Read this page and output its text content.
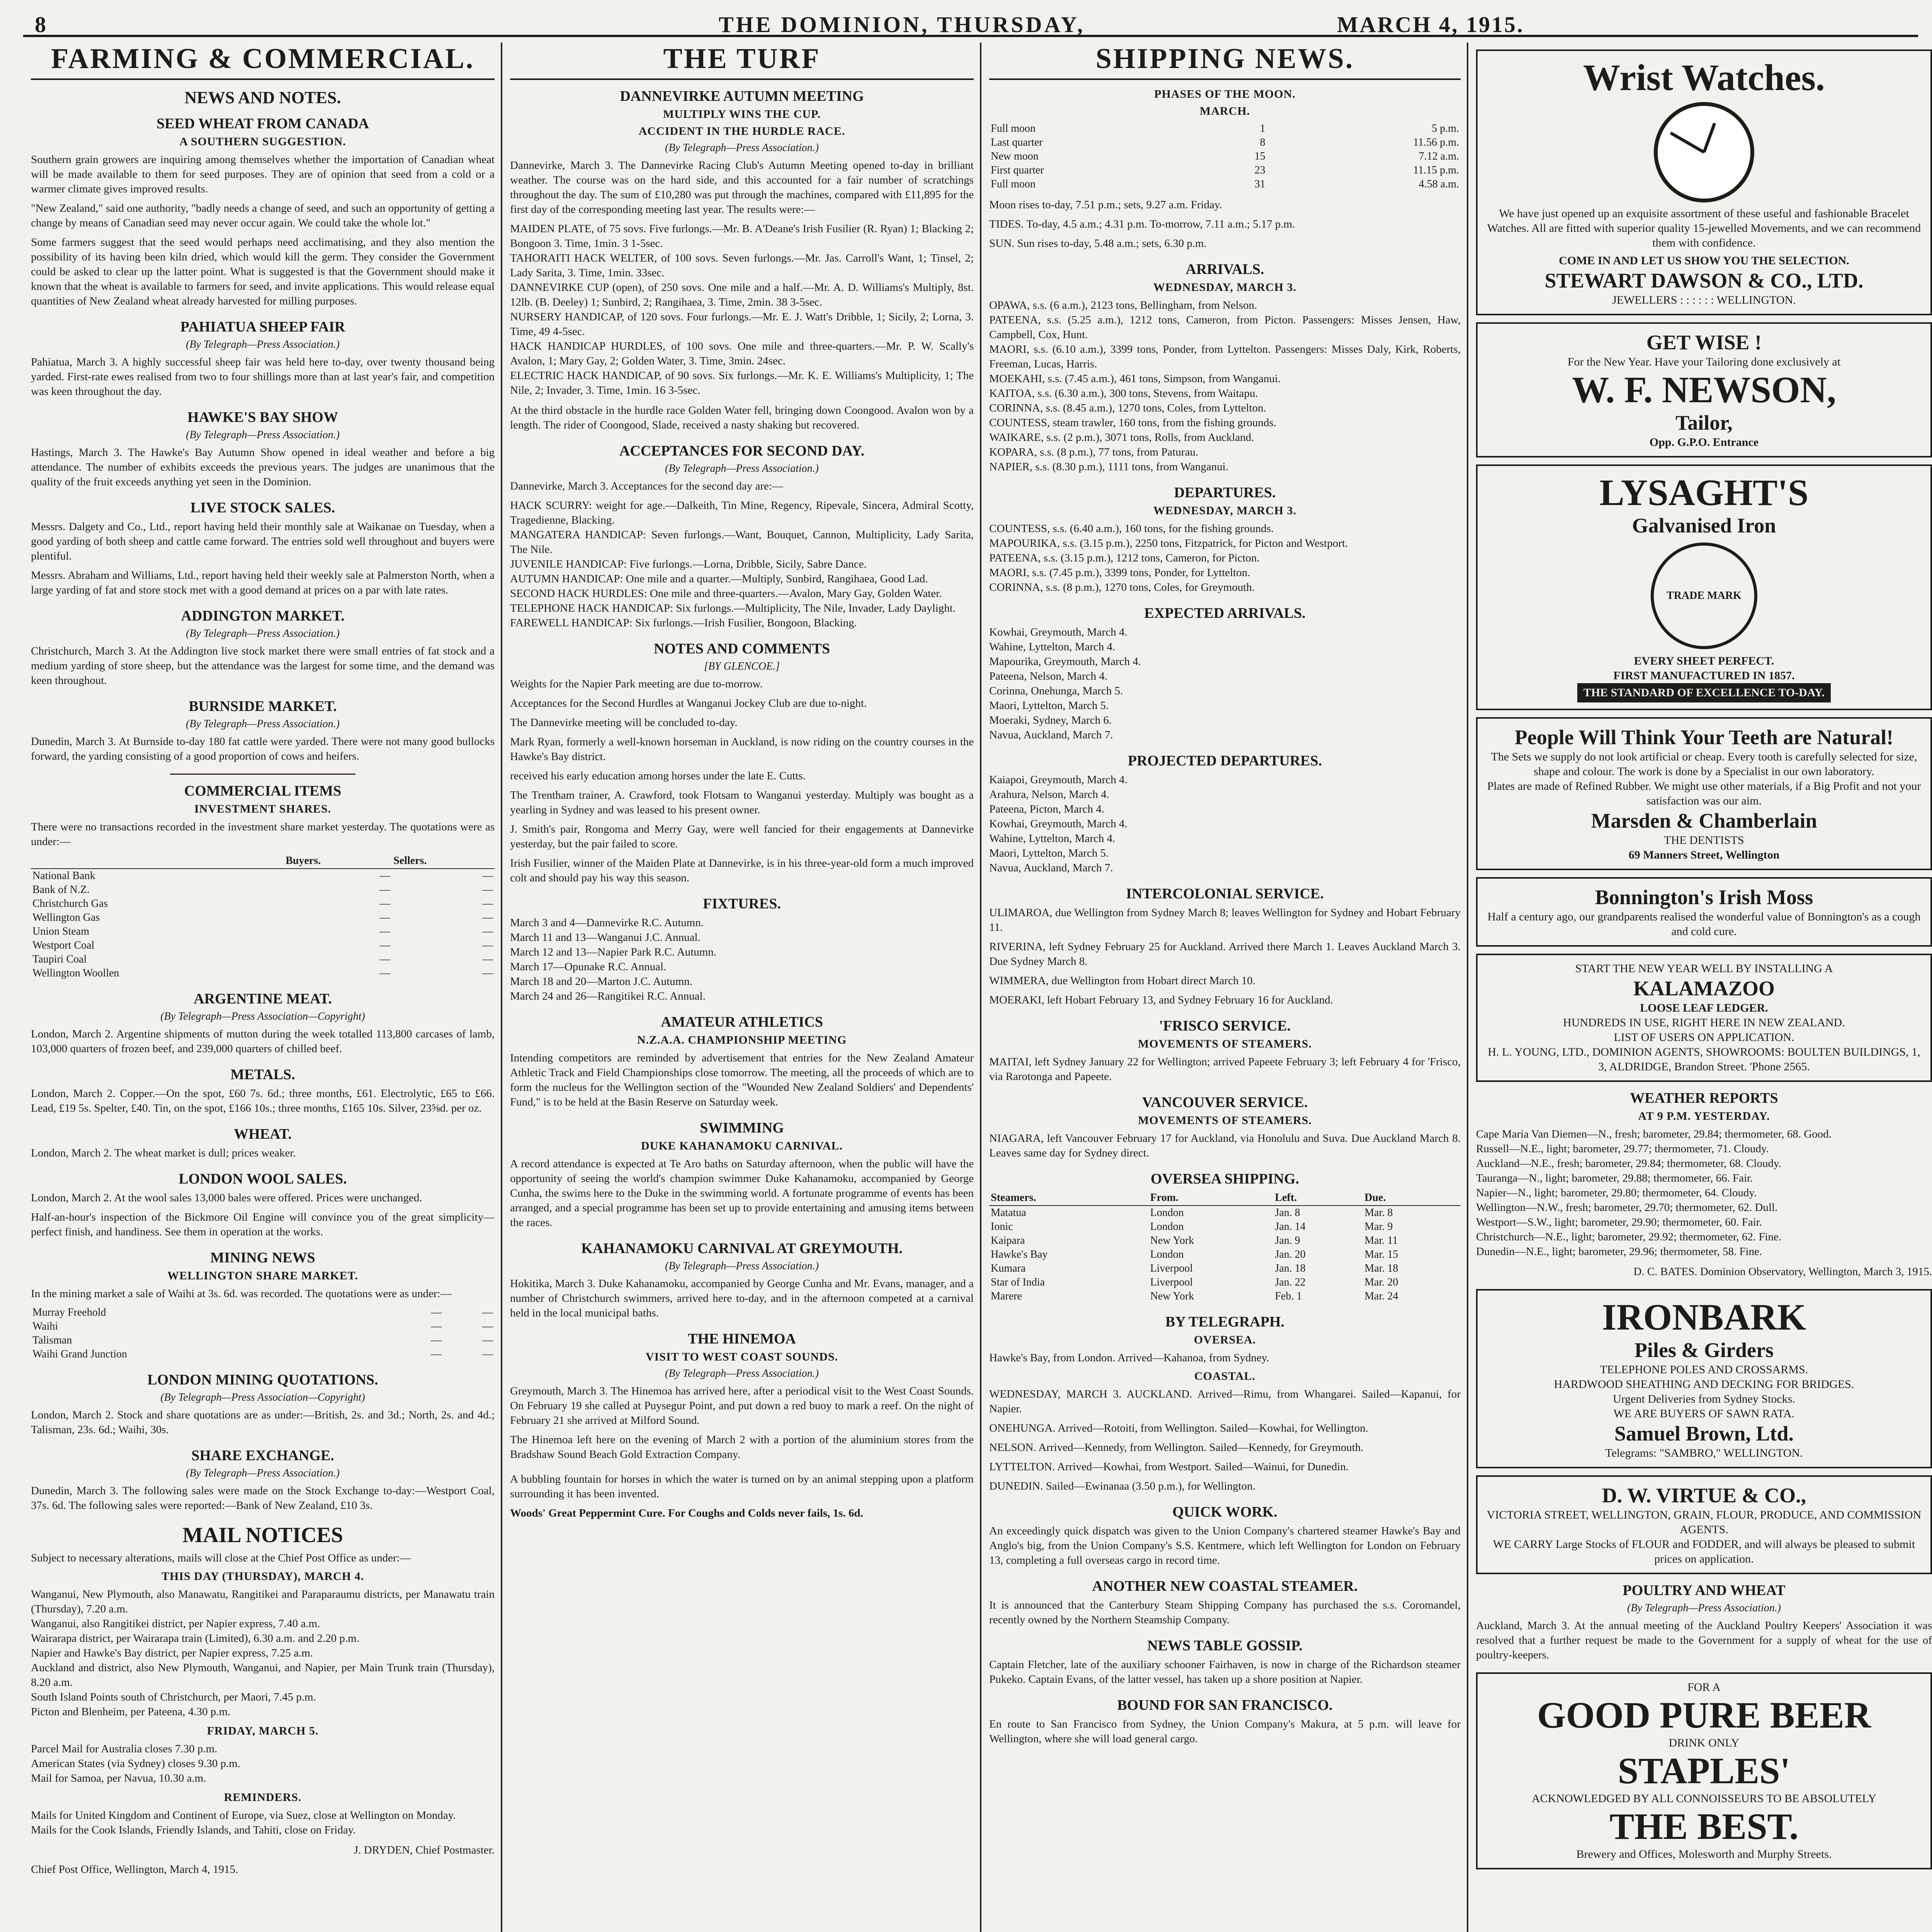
8	THE DOMINION, THURSDAY,	MARCH 4, 1915.
FARMING & COMMERCIAL.
NEWS AND NOTES.
SEED WHEAT FROM CANADA
A SOUTHERN SUGGESTION.

Southern grain growers are inquiring among themselves whether the importation of Canadian wheat will be made available to them for seed purposes. They are of opinion that seed from a cold or a warmer climate gives improved results.

"New Zealand," said one authority, "badly needs a change of seed, and such an opportunity of getting a change by means of Canadian seed may never occur again. We could take the whole lot."

Some farmers suggest that the seed would perhaps need acclimatising, and they also mention the possibility of its having been kiln dried, which would kill the germ. They consider the Government could be asked to clear up the latter point. What is suggested is that the Government should make it known that the wheat is available to farmers for seed, and invite applications. This would release equal quantities of New Zealand wheat already harvested for milling purposes.

PAHIATUA SHEEP FAIR
(By Telegraph—Press Association.)

Pahiatua, March 3. A highly successful sheep fair was held here to-day, over twenty thousand being yarded. First-rate ewes realised from two to four shillings more than at last year's fair, and competition was keen throughout the day.

HAWKE'S BAY SHOW
(By Telegraph—Press Association.)

Hastings, March 3. The Hawke's Bay Autumn Show opened in ideal weather and before a big attendance. The number of exhibits exceeds the previous years. The judges are unanimous that the quality of the fruit exceeds anything yet seen in the Dominion.

LIVE STOCK SALES.

Messrs. Dalgety and Co., Ltd., report having held their monthly sale at Waikanae on Tuesday, when a good yarding of both sheep and cattle came forward. The entries sold well throughout and buyers were plentiful.

Messrs. Abraham and Williams, Ltd., report having held their weekly sale at Palmerston North, when a large yarding of fat and store stock met with a good demand at prices on a par with late rates.

ADDINGTON MARKET.
(By Telegraph—Press Association.)

Christchurch, March 3. At the Addington live stock market there were small entries of fat stock and a medium yarding of store sheep, but the attendance was the largest for some time, and the demand was keen throughout.

BURNSIDE MARKET.
(By Telegraph—Press Association.)

Dunedin, March 3. At Burnside to-day 180 fat cattle were yarded. There were not many good bullocks forward, the yarding consisting of a good proportion of cows and heifers.

COMMERCIAL ITEMS
INVESTMENT SHARES.

There were no transactions recorded in the investment share market yesterday. The quotations were as under:—

	Buyers.	Sellers.
National Bank	—	—
Bank of N.Z.	—	—
Christchurch Gas	—	—
Wellington Gas	—	—
Union Steam	—	—
Westport Coal	—	—
Taupiri Coal	—	—
Wellington Woollen	—	—
ARGENTINE MEAT.
(By Telegraph—Press Association—Copyright)

London, March 2. Argentine shipments of mutton during the week totalled 113,800 carcases of lamb, 103,000 quarters of frozen beef, and 239,000 quarters of chilled beef.

METALS.

London, March 2. Copper.—On the spot, £60 7s. 6d.; three months, £61. Electrolytic, £65 to £66. Lead, £19 5s. Spelter, £40. Tin, on the spot, £166 10s.; three months, £165 10s. Silver, 23⅝d. per oz.

WHEAT.

London, March 2. The wheat market is dull; prices weaker.

LONDON WOOL SALES.

London, March 2. At the wool sales 13,000 bales were offered. Prices were unchanged.

Half-an-hour's inspection of the Bickmore Oil Engine will convince you of the great simplicity—perfect finish, and handiness. See them in operation at the works.

MINING NEWS
WELLINGTON SHARE MARKET.

In the mining market a sale of Waihi at 3s. 6d. was recorded. The quotations were as under:—

Murray Freehold	—	—
Waihi	—	—
Talisman	—	—
Waihi Grand Junction	—	—
LONDON MINING QUOTATIONS.
(By Telegraph—Press Association—Copyright)

London, March 2. Stock and share quotations are as under:—British, 2s. and 3d.; North, 2s. and 4d.; Talisman, 23s. 6d.; Waihi, 30s.

SHARE EXCHANGE.
(By Telegraph—Press Association.)

Dunedin, March 3. The following sales were made on the Stock Exchange to-day:—Westport Coal, 37s. 6d. The following sales were reported:—Bank of New Zealand, £10 3s.

MAIL NOTICES

Subject to necessary alterations, mails will close at the Chief Post Office as under:—

THIS DAY (THURSDAY), MARCH 4.
Wanganui, New Plymouth, also Manawatu, Rangitikei and Paraparaumu districts, per Manawatu train (Thursday), 7.20 a.m.
Wanganui, also Rangitikei district, per Napier express, 7.40 a.m.
Wairarapa district, per Wairarapa train (Limited), 6.30 a.m. and 2.20 p.m.
Napier and Hawke's Bay district, per Napier express, 7.25 a.m.
Auckland and district, also New Plymouth, Wanganui, and Napier, per Main Trunk train (Thursday), 8.20 a.m.
South Island Points south of Christchurch, per Maori, 7.45 p.m.
Picton and Blenheim, per Pateena, 4.30 p.m.
FRIDAY, MARCH 5.
Parcel Mail for Australia closes 7.30 p.m.
American States (via Sydney) closes 9.30 p.m.
Mail for Samoa, per Navua, 10.30 a.m.
REMINDERS.
Mails for United Kingdom and Continent of Europe, via Suez, close at Wellington on Monday.
Mails for the Cook Islands, Friendly Islands, and Tahiti, close on Friday.

J. DRYDEN, Chief Postmaster.

Chief Post Office, Wellington, March 4, 1915.

THE TURF
DANNEVIRKE AUTUMN MEETING
MULTIPLY WINS THE CUP.
ACCIDENT IN THE HURDLE RACE.
(By Telegraph—Press Association.)

Dannevirke, March 3. The Dannevirke Racing Club's Autumn Meeting opened to-day in brilliant weather. The course was on the hard side, and this accounted for a fair number of scratchings throughout the day. The sum of £10,280 was put through the machines, compared with £11,895 for the first day of the corresponding meeting last year. The results were:—

MAIDEN PLATE, of 75 sovs. Five furlongs.—Mr. B. A'Deane's Irish Fusilier (R. Ryan) 1; Blacking 2; Bongoon 3. Time, 1min. 3 1-5sec.
TAHORAITI HACK WELTER, of 100 sovs. Seven furlongs.—Mr. Jas. Carroll's Want, 1; Tinsel, 2; Lady Sarita, 3. Time, 1min. 33sec.
DANNEVIRKE CUP (open), of 250 sovs. One mile and a half.—Mr. A. D. Williams's Multiply, 8st. 12lb. (B. Deeley) 1; Sunbird, 2; Rangihaea, 3. Time, 2min. 38 3-5sec.
NURSERY HANDICAP, of 120 sovs. Four furlongs.—Mr. E. J. Watt's Dribble, 1; Sicily, 2; Lorna, 3. Time, 49 4-5sec.
HACK HANDICAP HURDLES, of 100 sovs. One mile and three-quarters.—Mr. P. W. Scally's Avalon, 1; Mary Gay, 2; Golden Water, 3. Time, 3min. 24sec.
ELECTRIC HACK HANDICAP, of 90 sovs. Six furlongs.—Mr. K. E. Williams's Multiplicity, 1; The Nile, 2; Invader, 3. Time, 1min. 16 3-5sec.

At the third obstacle in the hurdle race Golden Water fell, bringing down Coongood. Avalon won by a length. The rider of Coongood, Slade, received a nasty shaking but recovered.

ACCEPTANCES FOR SECOND DAY.
(By Telegraph—Press Association.)

Dannevirke, March 3. Acceptances for the second day are:—

HACK SCURRY: weight for age.—Dalkeith, Tin Mine, Regency, Ripevale, Sincera, Admiral Scotty, Tragedienne, Blacking.
MANGATERA HANDICAP: Seven furlongs.—Want, Bouquet, Cannon, Multiplicity, Lady Sarita, The Nile.
JUVENILE HANDICAP: Five furlongs.—Lorna, Dribble, Sicily, Sabre Dance.
AUTUMN HANDICAP: One mile and a quarter.—Multiply, Sunbird, Rangihaea, Good Lad.
SECOND HACK HURDLES: One mile and three-quarters.—Avalon, Mary Gay, Golden Water.
TELEPHONE HACK HANDICAP: Six furlongs.—Multiplicity, The Nile, Invader, Lady Daylight.
FAREWELL HANDICAP: Six furlongs.—Irish Fusilier, Bongoon, Blacking.
NOTES AND COMMENTS
[BY GLENCOE.]

Weights for the Napier Park meeting are due to-morrow.

Acceptances for the Second Hurdles at Wanganui Jockey Club are due to-night.

The Dannevirke meeting will be concluded to-day.

Mark Ryan, formerly a well-known horseman in Auckland, is now riding on the country courses in the Hawke's Bay district.

received his early education among horses under the late E. Cutts.

The Trentham trainer, A. Crawford, took Flotsam to Wanganui yesterday. Multiply was bought as a yearling in Sydney and was leased to his present owner.

J. Smith's pair, Rongoma and Merry Gay, were well fancied for their engagements at Dannevirke yesterday, but the pair failed to score.

Irish Fusilier, winner of the Maiden Plate at Dannevirke, is in his three-year-old form a much improved colt and should pay his way this season.

FIXTURES.
March 3 and 4—Dannevirke R.C. Autumn.
March 11 and 13—Wanganui J.C. Annual.
March 12 and 13—Napier Park R.C. Autumn.
March 17—Opunake R.C. Annual.
March 18 and 20—Marton J.C. Autumn.
March 24 and 26—Rangitikei R.C. Annual.
AMATEUR ATHLETICS
N.Z.A.A. CHAMPIONSHIP MEETING

Intending competitors are reminded by advertisement that entries for the New Zealand Amateur Athletic Track and Field Championships close tomorrow. The meeting, all the proceeds of which are to form the nucleus for the Wellington section of the "Wounded New Zealand Soldiers' and Dependents' Fund," is to be held at the Basin Reserve on Saturday week.

SWIMMING
DUKE KAHANAMOKU CARNIVAL.

A record attendance is expected at Te Aro baths on Saturday afternoon, when the public will have the opportunity of seeing the world's champion swimmer Duke Kahanamoku, accompanied by George Cunha, the swims here to the Duke in the swimming world. A fortunate programme of events has been arranged, and a special programme has been set up to provide entertaining and amusing items between the races.

KAHANAMOKU CARNIVAL AT GREYMOUTH.
(By Telegraph—Press Association.)

Hokitika, March 3. Duke Kahanamoku, accompanied by George Cunha and Mr. Evans, manager, and a number of Christchurch swimmers, arrived here to-day, and in the afternoon competed at a carnival held in the local municipal baths.

THE HINEMOA
VISIT TO WEST COAST SOUNDS.
(By Telegraph—Press Association.)

Greymouth, March 3. The Hinemoa has arrived here, after a periodical visit to the West Coast Sounds. On February 19 she called at Puysegur Point, and put down a red buoy to mark a reef. On the night of February 21 she arrived at Milford Sound.

The Hinemoa left here on the evening of March 2 with a portion of the aluminium stores from the Bradshaw Sound Beach Gold Extraction Company.

A bubbling fountain for horses in which the water is turned on by an animal stepping upon a platform surrounding it has been invented.

Woods' Great Peppermint Cure. For Coughs and Colds never fails, 1s. 6d.

SHIPPING NEWS.
PHASES OF THE MOON.
MARCH.
Full moon	1	5 p.m.
Last quarter	8	11.56 p.m.
New moon	15	7.12 a.m.
First quarter	23	11.15 p.m.
Full moon	31	4.58 a.m.

Moon rises to-day, 7.51 p.m.; sets, 9.27 a.m. Friday.

TIDES. To-day, 4.5 a.m.; 4.31 p.m. To-morrow, 7.11 a.m.; 5.17 p.m.

SUN. Sun rises to-day, 5.48 a.m.; sets, 6.30 p.m.

ARRIVALS.
WEDNESDAY, MARCH 3.
OPAWA, s.s. (6 a.m.), 2123 tons, Bellingham, from Nelson.
PATEENA, s.s. (5.25 a.m.), 1212 tons, Cameron, from Picton. Passengers: Misses Jensen, Haw, Campbell, Cox, Hunt.
MAORI, s.s. (6.10 a.m.), 3399 tons, Ponder, from Lyttelton. Passengers: Misses Daly, Kirk, Roberts, Freeman, Lucas, Harris.
MOEKAHI, s.s. (7.45 a.m.), 461 tons, Simpson, from Wanganui.
KAITOA, s.s. (6.30 a.m.), 300 tons, Stevens, from Waitapu.
CORINNA, s.s. (8.45 a.m.), 1270 tons, Coles, from Lyttelton.
COUNTESS, steam trawler, 160 tons, from the fishing grounds.
WAIKARE, s.s. (2 p.m.), 3071 tons, Rolls, from Auckland.
KOPARA, s.s. (8 p.m.), 77 tons, from Paturau.
NAPIER, s.s. (8.30 p.m.), 1111 tons, from Wanganui.
DEPARTURES.
WEDNESDAY, MARCH 3.
COUNTESS, s.s. (6.40 a.m.), 160 tons, for the fishing grounds.
MAPOURIKA, s.s. (3.15 p.m.), 2250 tons, Fitzpatrick, for Picton and Westport.
PATEENA, s.s. (3.15 p.m.), 1212 tons, Cameron, for Picton.
MAORI, s.s. (7.45 p.m.), 3399 tons, Ponder, for Lyttelton.
CORINNA, s.s. (8 p.m.), 1270 tons, Coles, for Greymouth.
EXPECTED ARRIVALS.
Kowhai, Greymouth, March 4.
Wahine, Lyttelton, March 4.
Mapourika, Greymouth, March 4.
Pateena, Nelson, March 4.
Corinna, Onehunga, March 5.
Maori, Lyttelton, March 5.
Moeraki, Sydney, March 6.
Navua, Auckland, March 7.
PROJECTED DEPARTURES.
Kaiapoi, Greymouth, March 4.
Arahura, Nelson, March 4.
Pateena, Picton, March 4.
Kowhai, Greymouth, March 4.
Wahine, Lyttelton, March 4.
Maori, Lyttelton, March 5.
Navua, Auckland, March 7.
INTERCOLONIAL SERVICE.

ULIMAROA, due Wellington from Sydney March 8; leaves Wellington for Sydney and Hobart February 11.

RIVERINA, left Sydney February 25 for Auckland. Arrived there March 1. Leaves Auckland March 3. Due Sydney March 8.

WIMMERA, due Wellington from Hobart direct March 10.

MOERAKI, left Hobart February 13, and Sydney February 16 for Auckland.

'FRISCO SERVICE.
MOVEMENTS OF STEAMERS.

MAITAI, left Sydney January 22 for Wellington; arrived Papeete February 3; left February 4 for 'Frisco, via Rarotonga and Papeete.

VANCOUVER SERVICE.
MOVEMENTS OF STEAMERS.

NIAGARA, left Vancouver February 17 for Auckland, via Honolulu and Suva. Due Auckland March 8. Leaves same day for Sydney direct.

OVERSEA SHIPPING.
Steamers.	From.	Left.	Due.
Matatua	London	Jan. 8	Mar. 8
Ionic	London	Jan. 14	Mar. 9
Kaipara	New York	Jan. 9	Mar. 11
Hawke's Bay	London	Jan. 20	Mar. 15
Kumara	Liverpool	Jan. 18	Mar. 18
Star of India	Liverpool	Jan. 22	Mar. 20
Marere	New York	Feb. 1	Mar. 24
BY TELEGRAPH.
OVERSEA.

Hawke's Bay, from London. Arrived—Kahanoa, from Sydney.

COASTAL.

WEDNESDAY, MARCH 3. AUCKLAND. Arrived—Rimu, from Whangarei. Sailed—Kapanui, for Napier.

ONEHUNGA. Arrived—Rotoiti, from Wellington. Sailed—Kowhai, for Wellington.

NELSON. Arrived—Kennedy, from Wellington. Sailed—Kennedy, for Greymouth.

LYTTELTON. Arrived—Kowhai, from Westport. Sailed—Wainui, for Dunedin.

DUNEDIN. Sailed—Ewinanaa (3.50 p.m.), for Wellington.

QUICK WORK.

An exceedingly quick dispatch was given to the Union Company's chartered steamer Hawke's Bay and Anglo's big, from the Union Company's S.S. Kentmere, which left Wellington for London on February 13, completing a full overseas cargo in record time.

ANOTHER NEW COASTAL STEAMER.

It is announced that the Canterbury Steam Shipping Company has purchased the s.s. Coromandel, recently owned by the Northern Steamship Company.

NEWS TABLE GOSSIP.

Captain Fletcher, late of the auxiliary schooner Fairhaven, is now in charge of the Richardson steamer Pukeko. Captain Evans, of the latter vessel, has taken up a shore position at Napier.

BOUND FOR SAN FRANCISCO.

En route to San Francisco from Sydney, the Union Company's Makura, at 5 p.m. will leave for Wellington, where she will load general cargo.

Wrist Watches.
We have just opened up an exquisite assortment of these useful and fashionable Bracelet Watches. All are fitted with superior quality 15-jewelled Movements, and we can recommend them with confidence.
COME IN AND LET US SHOW YOU THE SELECTION.
STEWART DAWSON & CO., LTD.
JEWELLERS : : : : : : WELLINGTON.
GET WISE !
For the New Year. Have your Tailoring done exclusively at
W. F. NEWSON,
Tailor,
Opp. G.P.O. Entrance
LYSAGHT'S
Galvanised Iron
TRADE MARK
EVERY SHEET PERFECT.
FIRST MANUFACTURED IN 1857.
THE STANDARD OF EXCELLENCE TO-DAY.
People Will Think Your Teeth are Natural!
The Sets we supply do not look artificial or cheap. Every tooth is carefully selected for size, shape and colour. The work is done by a Specialist in our own laboratory.
Plates are made of Refined Rubber. We might use other materials, if a Big Profit and not your satisfaction was our aim.
Marsden & Chamberlain
THE DENTISTS
69 Manners Street, Wellington
Bonnington's Irish Moss
Half a century ago, our grandparents realised the wonderful value of Bonnington's as a cough and cold cure.
START THE NEW YEAR WELL BY INSTALLING A
KALAMAZOO
LOOSE LEAF LEDGER.
HUNDREDS IN USE, RIGHT HERE IN NEW ZEALAND.
LIST OF USERS ON APPLICATION.
H. L. YOUNG, LTD., DOMINION AGENTS, SHOWROOMS: BOULTEN BUILDINGS, 1, 3, ALDRIDGE, Brandon Street. 'Phone 2565.
WEATHER REPORTS
AT 9 P.M. YESTERDAY.
Cape Maria Van Diemen—N., fresh; barometer, 29.84; thermometer, 68. Good.
Russell—N.E., light; barometer, 29.77; thermometer, 71. Cloudy.
Auckland—N.E., fresh; barometer, 29.84; thermometer, 68. Cloudy.
Tauranga—N., light; barometer, 29.88; thermometer, 66. Fair.
Napier—N., light; barometer, 29.80; thermometer, 64. Cloudy.
Wellington—N.W., fresh; barometer, 29.70; thermometer, 62. Dull.
Westport—S.W., light; barometer, 29.90; thermometer, 60. Fair.
Christchurch—N.E., light; barometer, 29.92; thermometer, 62. Fine.
Dunedin—N.E., light; barometer, 29.96; thermometer, 58. Fine.

D. C. BATES. Dominion Observatory, Wellington, March 3, 1915.

IRONBARK
Piles & Girders
TELEPHONE POLES AND CROSSARMS.
HARDWOOD SHEATHING AND DECKING FOR BRIDGES.
Urgent Deliveries from Sydney Stocks.
WE ARE BUYERS OF SAWN RATA.
Samuel Brown, Ltd.
Telegrams: "SAMBRO," WELLINGTON.
D. W. VIRTUE & CO.,
VICTORIA STREET, WELLINGTON, GRAIN, FLOUR, PRODUCE, AND COMMISSION AGENTS.
WE CARRY Large Stocks of FLOUR and FODDER, and will always be pleased to submit prices on application.
POULTRY AND WHEAT
(By Telegraph—Press Association.)

Auckland, March 3. At the annual meeting of the Auckland Poultry Keepers' Association it was resolved that a further request be made to the Government for a supply of wheat for the use of poultry-keepers.

FOR A
GOOD PURE BEER
DRINK ONLY
STAPLES'
ACKNOWLEDGED BY ALL CONNOISSEURS TO BE ABSOLUTELY
THE BEST.
Brewery and Offices, Molesworth and Murphy Streets.
